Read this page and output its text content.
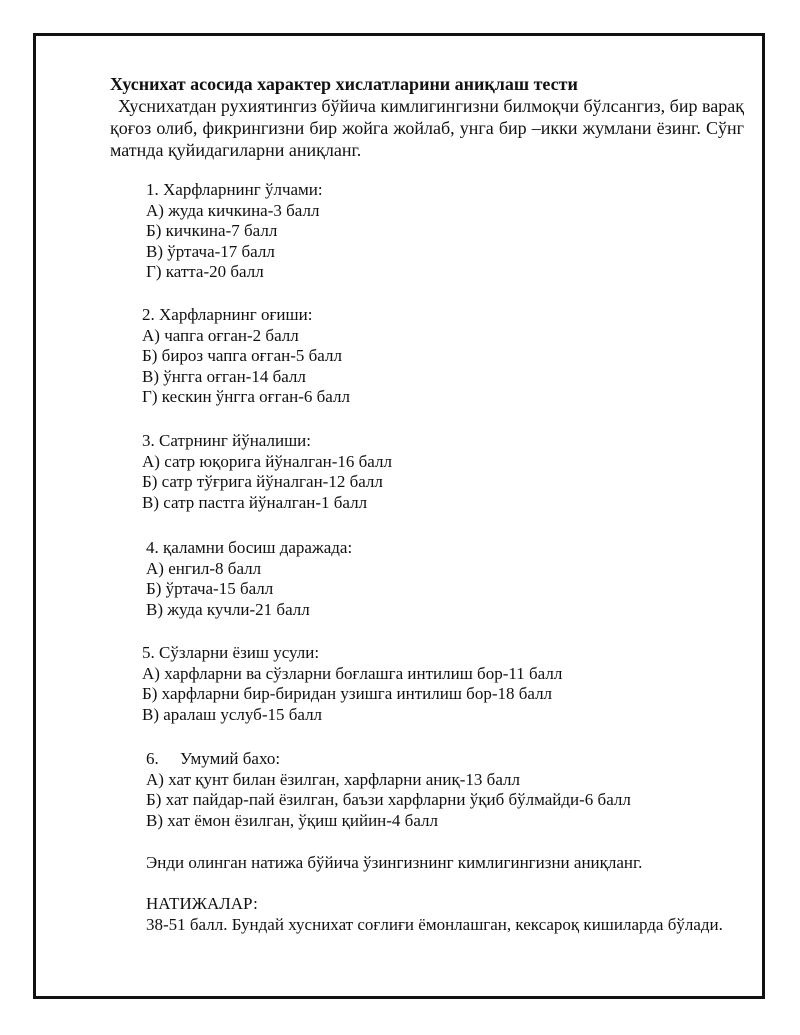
Хуснихат асосида характер хислатларини аниқлаш тести

Хуснихатдан рухиятингиз бўйича кимлигингизни билмоқчи бўлсангиз, бир варақ қоғоз олиб, фикрингизни бир жойга жойлаб, унга бир –икки жумлани ёзинг. Сўнг матнда қуйидагиларни аниқланг.

1. Харфларнинг ўлчами:
А) жуда кичкина-3 балл
Б) кичкина-7 балл
В) ўртача-17 балл
Г) катта-20 балл
2. Харфларнинг оғиши:
А) чапга оғган-2 балл
Б) бироз чапга оғган-5 балл
В) ўнгга оғган-14 балл
Г) кескин ўнгга оғган-6 балл
3. Сатрнинг йўналиши:
А) сатр юқорига йўналган-16 балл
Б) сатр тўғрига йўналган-12 балл
В) сатр пастга йўналган-1 балл
4. қаламни босиш даражада:
А) енгил-8 балл
Б) ўртача-15 балл
В) жуда кучли-21 балл
5. Сўзларни ёзиш усули:
А) харфларни ва сўзларни боғлашга интилиш бор-11 балл
Б) харфларни бир-биридан узишга интилиш бор-18 балл
В) аралаш услуб-15 балл
6. Умумий бахо:
А) хат қунт билан ёзилган, харфларни аниқ-13 балл
Б) хат пайдар-пай ёзилган, баъзи харфларни ўқиб бўлмайди-6 балл
В) хат ёмон ёзилган, ўқиш қийин-4 балл
Энди олинган натижа бўйича ўзингизнинг кимлигингизни аниқланг.

НАТИЖАЛАР:

38-51 балл. Бундай хуснихат соғлиғи ёмонлашган, кексароқ кишиларда бўлади.
